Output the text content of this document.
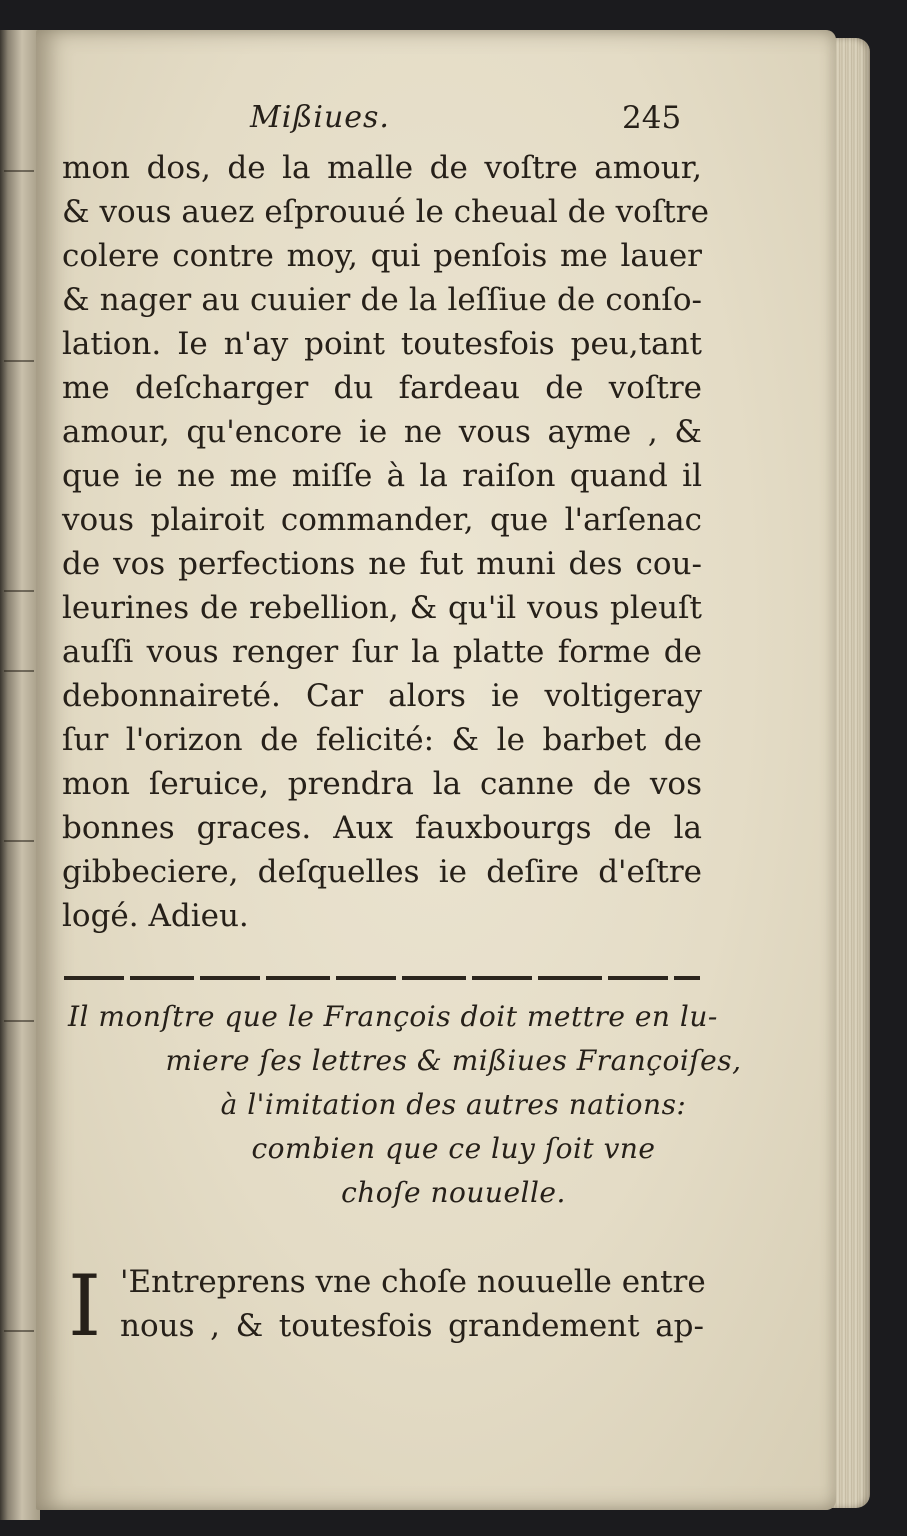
Mißiues.	245

mon dos, de la malle de voſtre amour,

& vous auez eſprouué le cheual de voſtre

colere contre moy, qui penſois me lauer

& nager au cuuier de la leſſiue de conſo-

lation. Ie n'ay point toutesfois peu,tant

me deſcharger du fardeau de voſtre

amour, qu'encore ie ne vous ayme , &

que ie ne me miſſe à la raiſon quand il

vous plairoit commander, que l'arſenac

de vos perfections ne fut muni des cou-

leurines de rebellion, & qu'il vous pleuſt

auſſi vous renger ſur la platte forme de

debonnaireté. Car alors ie voltigeray

ſur l'orizon de felicité: & le barbet de

mon ſeruice, prendra la canne de vos

bonnes graces. Aux fauxbourgs de la

gibbeciere, deſquelles ie deſire d'eſtre

logé. Adieu.

Il monſtre que le François doit mettre en lu-

miere ſes lettres & mißiues Françoiſes,

à l'imitation des autres nations:

combien que ce luy ſoit vne

choſe nouuelle.

I 'Entreprens vne choſe nouuelle entre

nous , & toutesfois grandement ap-
